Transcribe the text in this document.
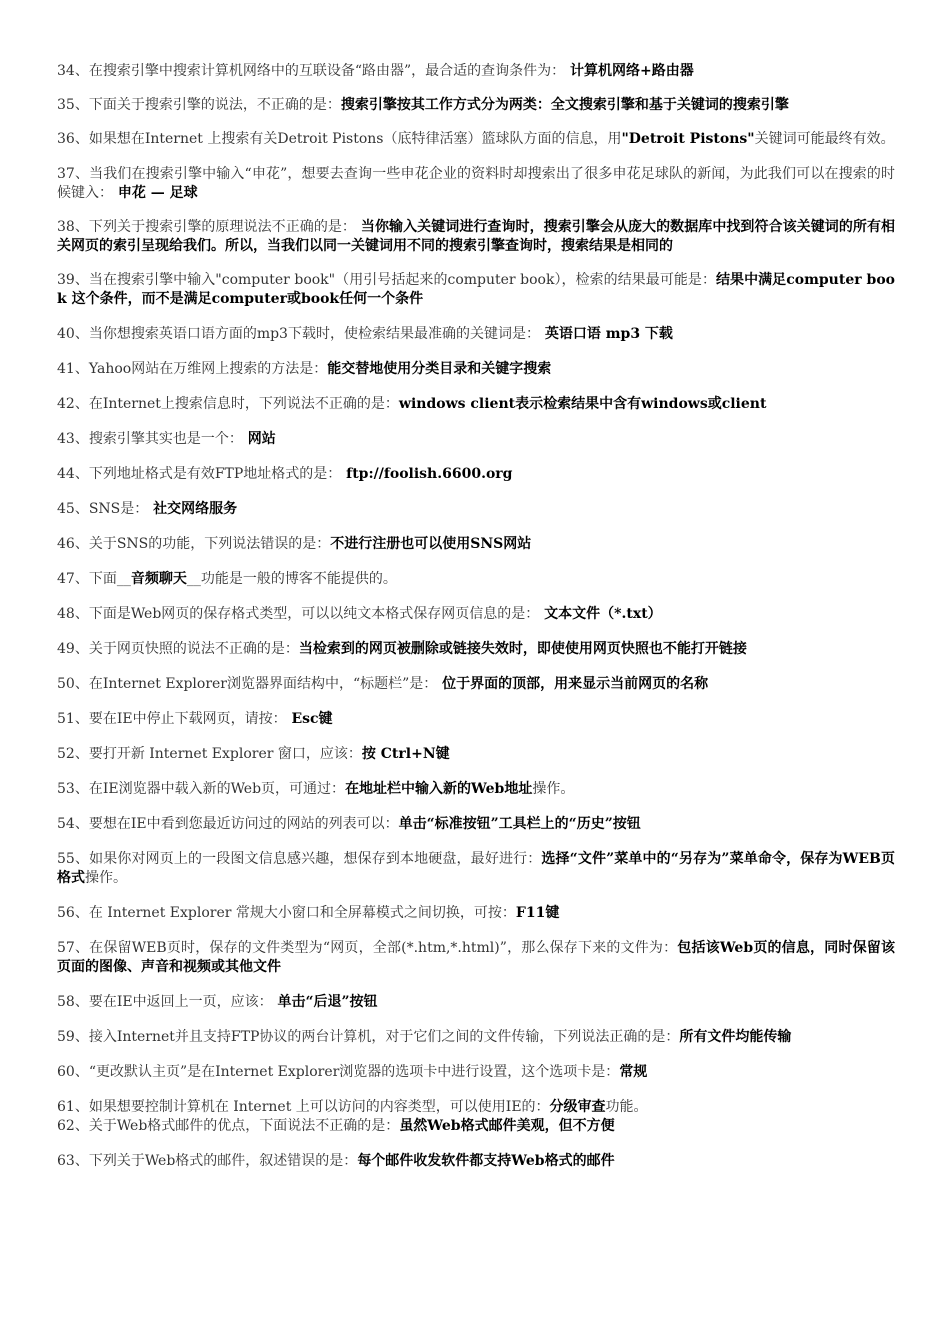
34、在搜索引擎中搜索计算机网络中的互联设备“路由器”，最合适的查询条件为： 计算机网络+路由器

35、下面关于搜索引擎的说法，不正确的是：搜索引擎按其工作方式分为两类：全文搜索引擎和基于关键词的搜索引擎

36、如果想在Internet 上搜索有关Detroit Pistons（底特律活塞）篮球队方面的信息，用"Detroit Pistons"关键词可能最终有效。

37、当我们在搜索引擎中输入“申花”，想要去查询一些申花企业的资料时却搜索出了很多申花足球队的新闻，为此我们可以在搜索的时候键入： 申花 — 足球

38、下列关于搜索引擎的原理说法不正确的是： 当你输入关键词进行查询时，搜索引擎会从庞大的数据库中找到符合该关键词的所有相关网页的索引呈现给我们。所以，当我们以同一关键词用不同的搜索引擎查询时，搜索结果是相同的

39、当在搜索引擎中输入"computer book"（用引号括起来的computer book），检索的结果最可能是：结果中满足computer book 这个条件，而不是满足computer或book任何一个条件

40、当你想搜索英语口语方面的mp3下载时，使检索结果最准确的关键词是： 英语口语 mp3 下载

41、Yahoo网站在万维网上搜索的方法是：能交替地使用分类目录和关键字搜索

42、在Internet上搜索信息时，下列说法不正确的是：windows client表示检索结果中含有windows或client

43、搜索引擎其实也是一个： 网站

44、下列地址格式是有效FTP地址格式的是： ftp://foolish.6600.org

45、SNS是： 社交网络服务

46、关于SNS的功能，下列说法错误的是：不进行注册也可以使用SNS网站

47、下面__音频聊天__功能是一般的博客不能提供的。

48、下面是Web网页的保存格式类型，可以以纯文本格式保存网页信息的是： 文本文件（*.txt）

49、关于网页快照的说法不正确的是：当检索到的网页被删除或链接失效时，即使使用网页快照也不能打开链接

50、在Internet Explorer浏览器界面结构中，“标题栏”是： 位于界面的顶部，用来显示当前网页的名称

51、要在IE中停止下载网页，请按： Esc键

52、要打开新 Internet Explorer 窗口，应该：按 Ctrl+N键

53、在IE浏览器中载入新的Web页，可通过：在地址栏中输入新的Web地址操作。

54、要想在IE中看到您最近访问过的网站的列表可以：单击“标准按钮”工具栏上的“历史”按钮

55、如果你对网页上的一段图文信息感兴趣，想保存到本地硬盘，最好进行：选择“文件”菜单中的“另存为”菜单命令，保存为WEB页格式操作。

56、在 Internet Explorer 常规大小窗口和全屏幕模式之间切换，可按：F11键

57、在保留WEB页时，保存的文件类型为“网页，全部(*.htm,*.html)”，那么保存下来的文件为：包括该Web页的信息，同时保留该页面的图像、声音和视频或其他文件

58、要在IE中返回上一页，应该： 单击“后退”按钮

59、接入Internet并且支持FTP协议的两台计算机，对于它们之间的文件传输，下列说法正确的是：所有文件均能传输

60、“更改默认主页”是在Internet Explorer浏览器的选项卡中进行设置，这个选项卡是：常规

61、如果想要控制计算机在 Internet 上可以访问的内容类型，可以使用IE的：分级审查功能。

62、关于Web格式邮件的优点，下面说法不正确的是：虽然Web格式邮件美观，但不方便

63、下列关于Web格式的邮件，叙述错误的是：每个邮件收发软件都支持Web格式的邮件
